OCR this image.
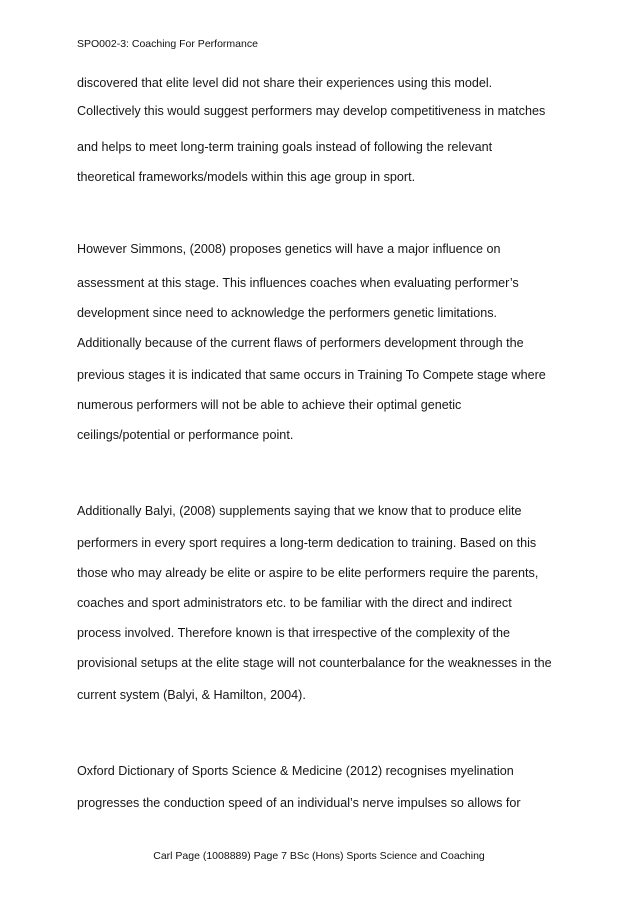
SPO002-3: Coaching For Performance
discovered that elite level did not share their experiences using this model.
Collectively this would suggest performers may develop competitiveness in matches
and helps to meet long-term training goals instead of following the relevant
theoretical frameworks/models within this age group in sport.
However Simmons, (2008) proposes genetics will have a major influence on
assessment at this stage. This influences coaches when evaluating performer’s
development since need to acknowledge the performers genetic limitations.
Additionally because of the current flaws of performers development through the
previous stages it is indicated that same occurs in Training To Compete stage where
numerous performers will not be able to achieve their optimal genetic
ceilings/potential or performance point.
Additionally Balyi, (2008) supplements saying that we know that to produce elite
performers in every sport requires a long-term dedication to training. Based on this
those who may already be elite or aspire to be elite performers require the parents,
coaches and sport administrators etc. to be familiar with the direct and indirect
process involved. Therefore known is that irrespective of the complexity of the
provisional setups at the elite stage will not counterbalance for the weaknesses in the
current system (Balyi, & Hamilton, 2004).
Oxford Dictionary of Sports Science & Medicine (2012) recognises myelination
progresses the conduction speed of an individual’s nerve impulses so allows for
Carl Page (1008889) Page 7 BSc (Hons) Sports Science and Coaching
